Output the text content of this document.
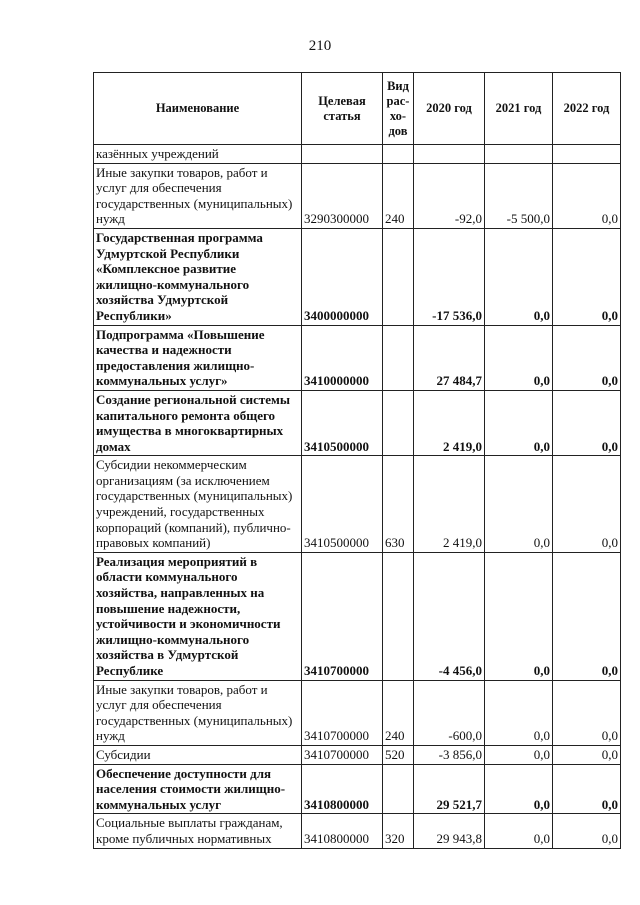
210
Наименование	Целевая статья	Вид рас- хо- дов	2020 год	2021 год	2022 год
казённых учреждений					
Иные закупки товаров, работ и услуг для обеспечения государственных (муниципальных) нужд	3290300000	240	-92,0	-5 500,0	0,0
Государственная программа Удмуртской Республики «Комплексное развитие жилищно-коммунального хозяйства Удмуртской Республики»	3400000000		-17 536,0	0,0	0,0
Подпрограмма «Повышение качества и надежности предоставления жилищно-коммунальных услуг»	3410000000		27 484,7	0,0	0,0
Создание региональной системы капитального ремонта общего имущества в многоквартирных домах	3410500000		2 419,0	0,0	0,0
Субсидии некоммерческим организациям (за исключением государственных (муниципальных) учреждений, государственных корпораций (компаний), публично-правовых компаний)	3410500000	630	2 419,0	0,0	0,0
Реализация мероприятий в области коммунального хозяйства, направленных на повышение надежности, устойчивости и экономичности жилищно-коммунального хозяйства в Удмуртской Республике	3410700000		-4 456,0	0,0	0,0
Иные закупки товаров, работ и услуг для обеспечения государственных (муниципальных) нужд	3410700000	240	-600,0	0,0	0,0
Субсидии	3410700000	520	-3 856,0	0,0	0,0
Обеспечение доступности для населения стоимости жилищно-коммунальных услуг	3410800000		29 521,7	0,0	0,0
Социальные выплаты гражданам, кроме публичных нормативных	3410800000	320	29 943,8	0,0	0,0
